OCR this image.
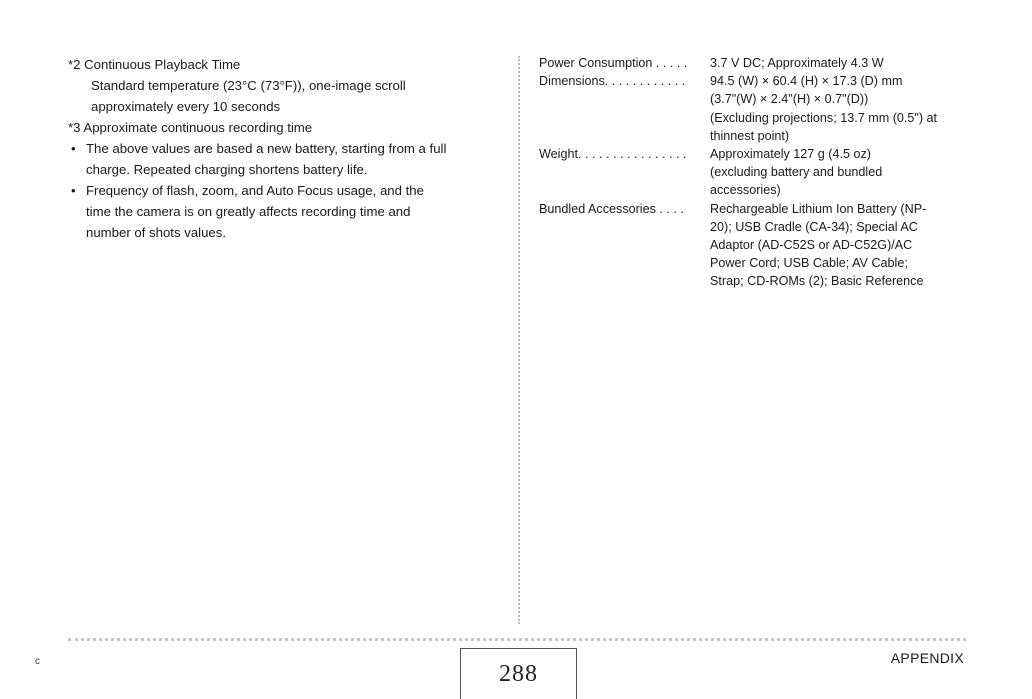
*2 Continuous Playback Time

Standard temperature (23°C (73°F)), one-image scroll

approximately every 10 seconds

*3 Approximate continuous recording time

• The above values are based a new battery, starting from a full
charge. Repeated charging shortens battery life.
• Frequency of flash, zoom, and Auto Focus usage, and the
time the camera is on greatly affects recording time and
number of shots values.
Power Consumption . . . . .	3.7 V DC; Approximately 4.3 W
Dimensions. . . . . . . . . . . .	94.5 (W) × 60.4 (H) × 17.3 (D) mm
(3.7"(W) × 2.4"(H) × 0.7"(D))
(Excluding projections; 13.7 mm (0.5") at
thinnest point)
Weight. . . . . . . . . . . . . . . .	Approximately 127 g (4.5 oz)
(excluding battery and bundled
accessories)
Bundled Accessories . . . .	Rechargeable Lithium Ion Battery (NP-
20); USB Cradle (CA-34); Special AC
Adaptor (AD-C52S or AD-C52G)/AC
Power Cord; USB Cable; AV Cable;
Strap; CD-ROMs (2); Basic Reference
c	288
APPENDIX
